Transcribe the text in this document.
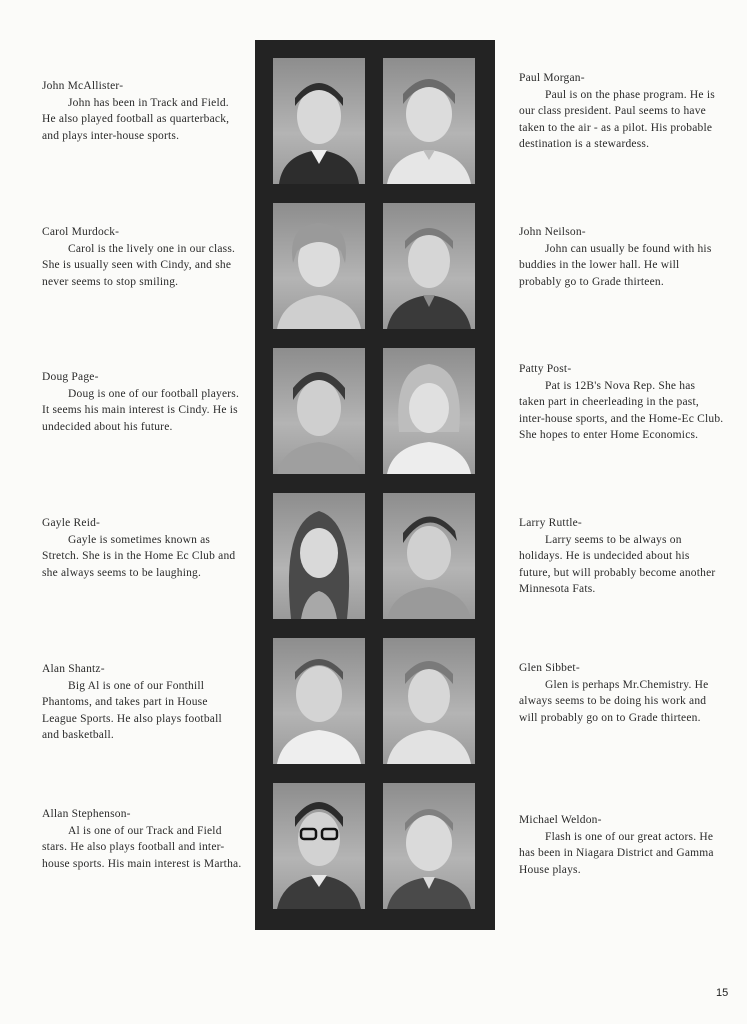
John McAllister-
John has been in Track and Field. He also played football as quarterback, and plays inter-house sports.
Carol Murdock-
Carol is the lively one in our class. She is usually seen with Cindy, and she never seems to stop smiling.
Doug Page-
Doug is one of our football players. It seems his main interest is Cindy. He is undecided about his future.
Gayle Reid-
Gayle is sometimes known as Stretch. She is in the Home Ec Club and she always seems to be laughing.
Alan Shantz-
Big Al is one of our Fonthill Phantoms, and takes part in House League Sports. He also plays football and basketball.
Allan Stephenson-
Al is one of our Track and Field stars. He also plays football and inter-house sports. His main interest is Martha.
Paul Morgan-
Paul is on the phase program. He is our class president. Paul seems to have taken to the air - as a pilot. His probable destination is a stewardess.
John Neilson-
John can usually be found with his buddies in the lower hall. He will probably go to Grade thirteen.
Patty Post-
Pat is 12B's Nova Rep. She has taken part in cheerleading in the past, inter-house sports, and the Home-Ec Club. She hopes to enter Home Economics.
Larry Ruttle-
Larry seems to be always on holidays. He is undecided about his future, but will probably become another Minnesota Fats.
Glen Sibbet-
Glen is perhaps Mr.Chemistry. He always seems to be doing his work and will probably go on to Grade thirteen.
Michael Weldon-
Flash is one of our great actors. He has been in Niagara District and Gamma House plays.
15
